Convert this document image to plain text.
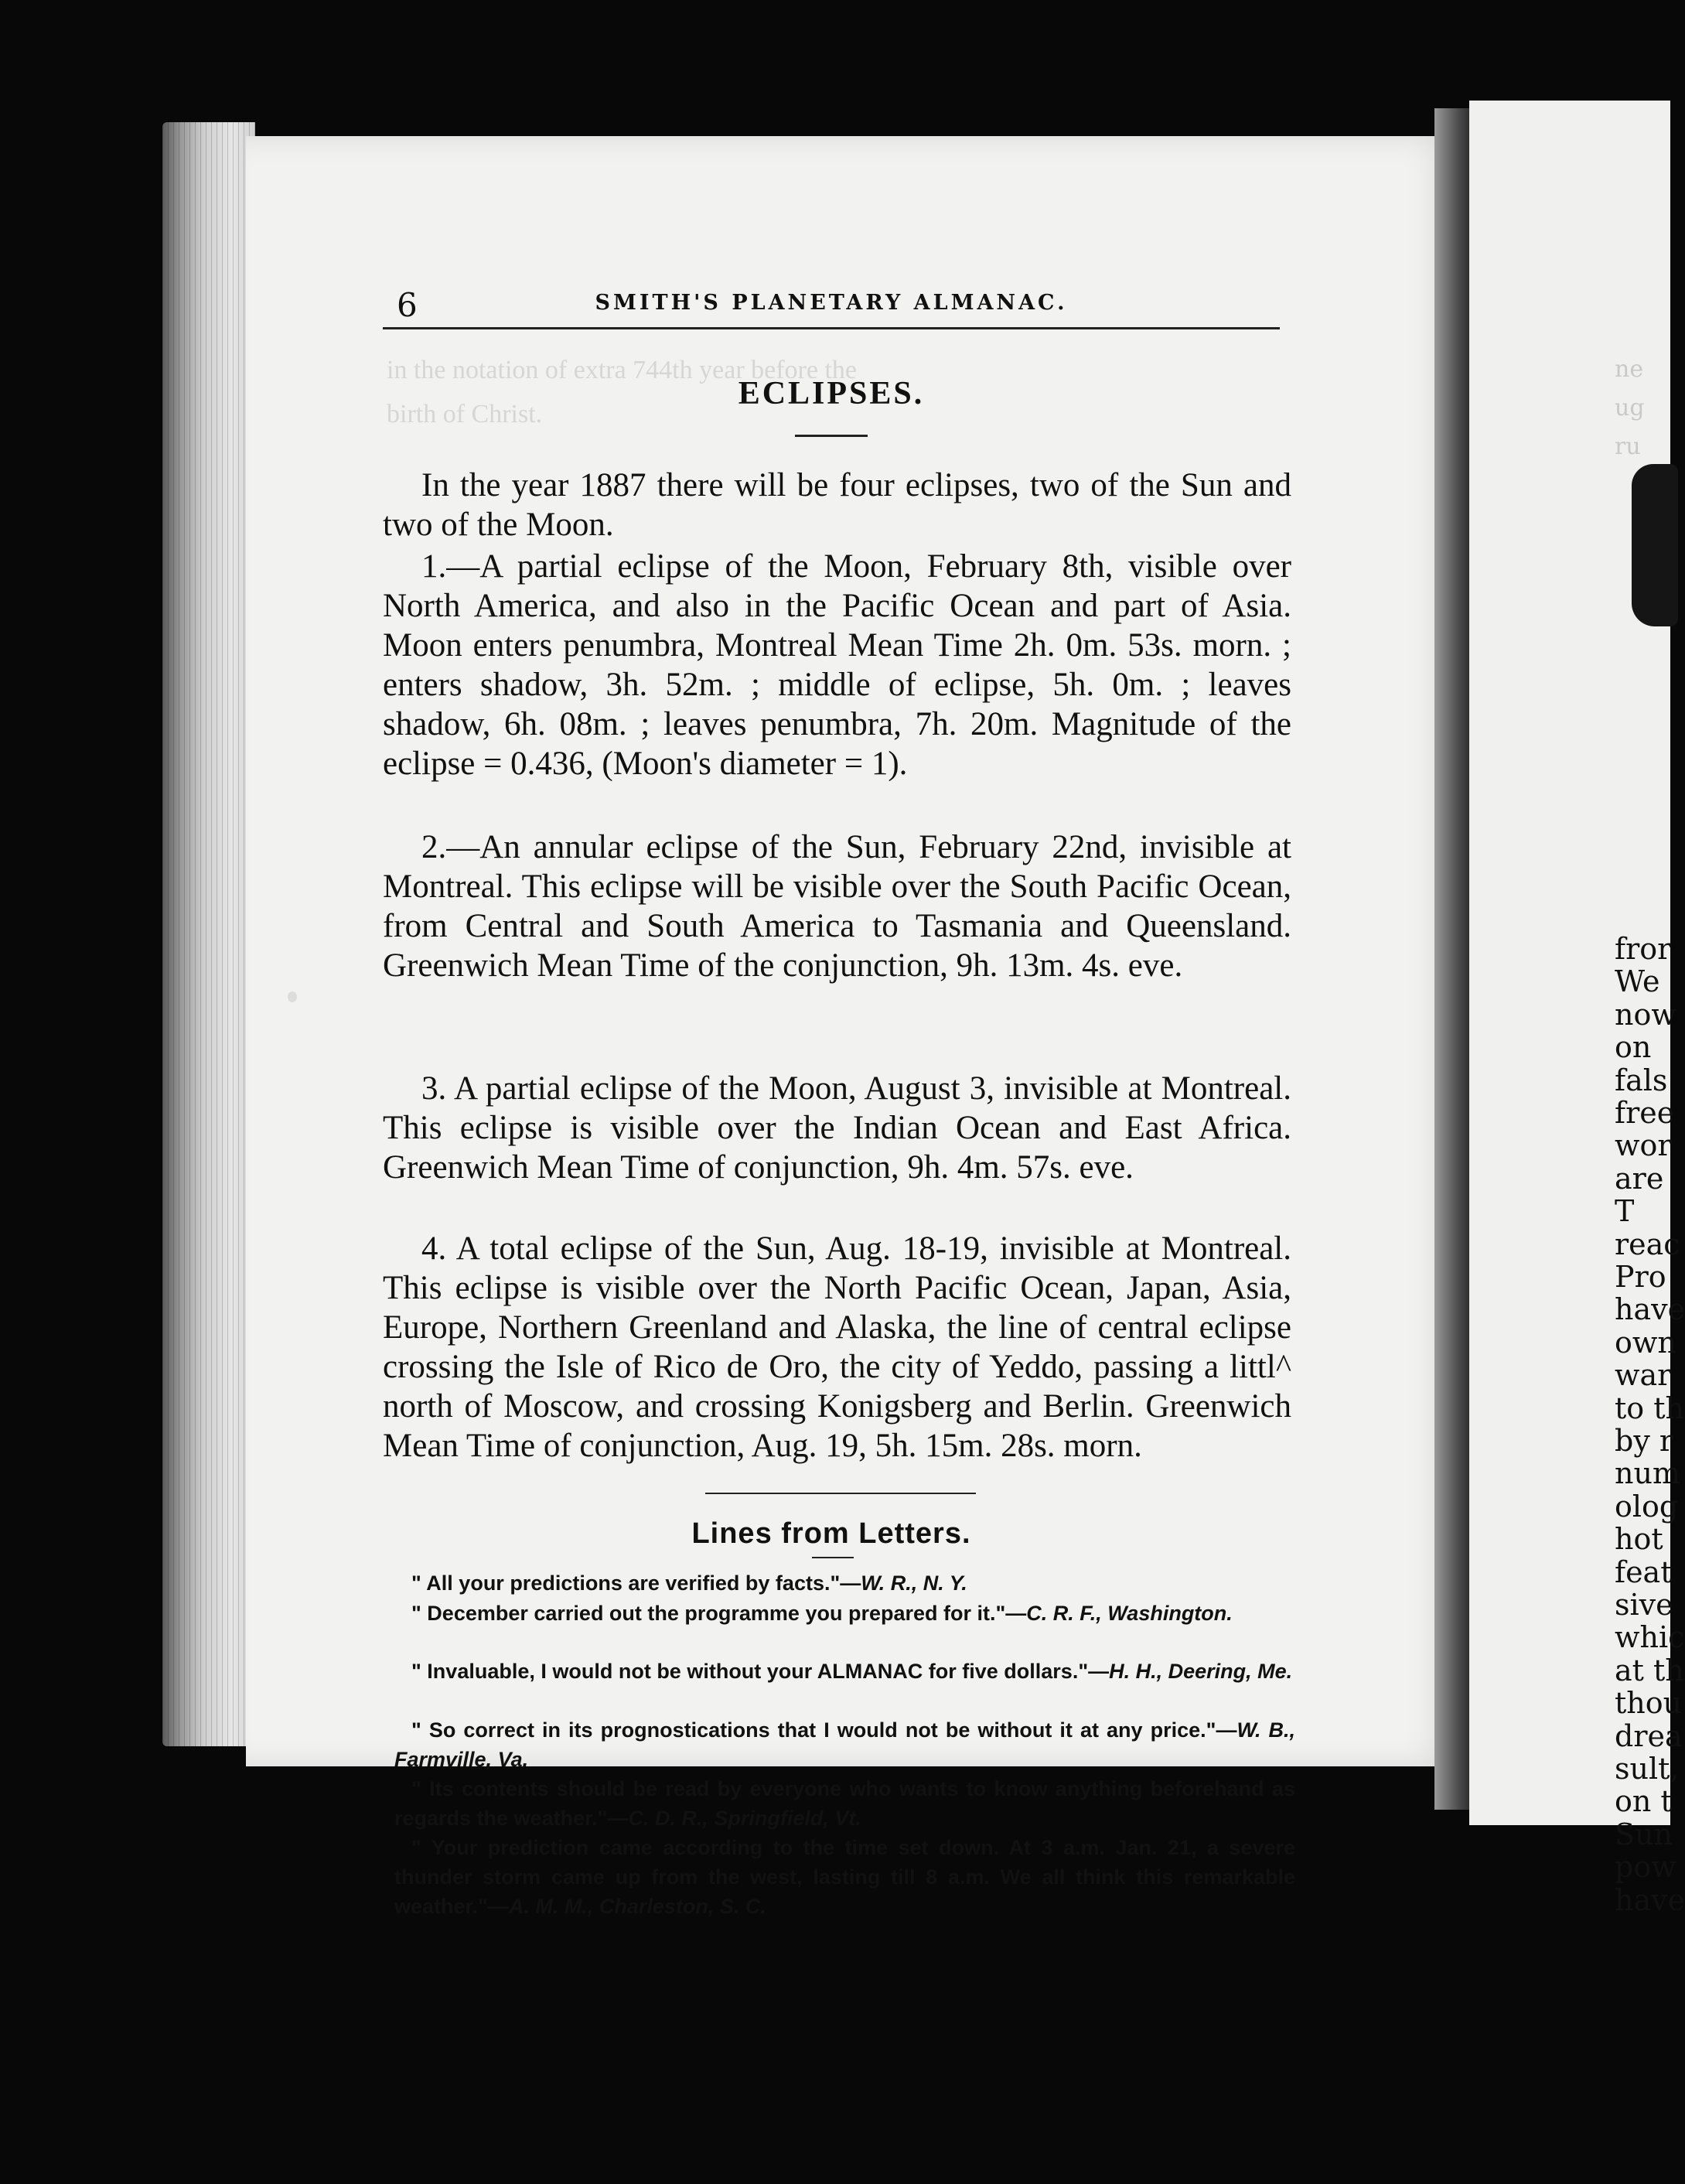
ne
ug
ru
fror
We
now
on
fals
free
wor
are
T
reac
Pro
have
own
war
to th
by r
num
olog
hot
feat
sive
whic
at th
thou
drea
sult,
on t
Sun
pow
have
in the notation of extra 744th year before the
birth of Christ.
6	SMITH'S PLANETARY ALMANAC.
ECLIPSES.

In the year 1887 there will be four eclipses, two of the Sun and two of the Moon.

1.—A partial eclipse of the Moon, February 8th, visible over North America, and also in the Pacific Ocean and part of Asia. Moon enters penumbra, Montreal Mean Time 2h. 0m. 53s. morn. ; enters shadow, 3h. 52m. ; middle of eclipse, 5h. 0m. ; leaves shadow, 6h. 08m. ; leaves penumbra, 7h. 20m. Magnitude of the eclipse = 0.436, (Moon's diameter = 1).

2.—An annular eclipse of the Sun, February 22nd, invisible at Montreal. This eclipse will be visible over the South Pacific Ocean, from Central and South America to Tasmania and Queensland. Greenwich Mean Time of the conjunction, 9h. 13m. 4s. eve.

3. A partial eclipse of the Moon, August 3, invisible at Montreal. This eclipse is visible over the Indian Ocean and East Africa. Greenwich Mean Time of conjunction, 9h. 4m. 57s. eve.

4. A total eclipse of the Sun, Aug. 18-19, invisible at Montreal. This eclipse is visible over the North Pacific Ocean, Japan, Asia, Europe, Northern Greenland and Alaska, the line of central eclipse crossing the Isle of Rico de Oro, the city of Yeddo, passing a littl^ north of Moscow, and crossing Konigsberg and Berlin. Greenwich Mean Time of conjunction, Aug. 19, 5h. 15m. 28s. morn.

Lines from Letters.

" All your predictions are verified by facts."—W. R., N. Y.

" December carried out the programme you prepared for it."—C. R. F., Washington.

" Invaluable, I would not be without your ALMANAC for five dollars."—H. H., Deering, Me.

" So correct in its prognostications that I would not be without it at any price."—W. B., Farmville, Va.

" Its contents should be read by everyone who wants to know anything beforehand as regards the weather."—C. D. R., Springfield, Vt.

" Your prediction came according to the time set down. At 3 a.m. Jan. 21, a severe thunder storm came up from the west, lasting till 8 a.m. We all think this remarkable weather."—A. M. M., Charleston, S. C.
